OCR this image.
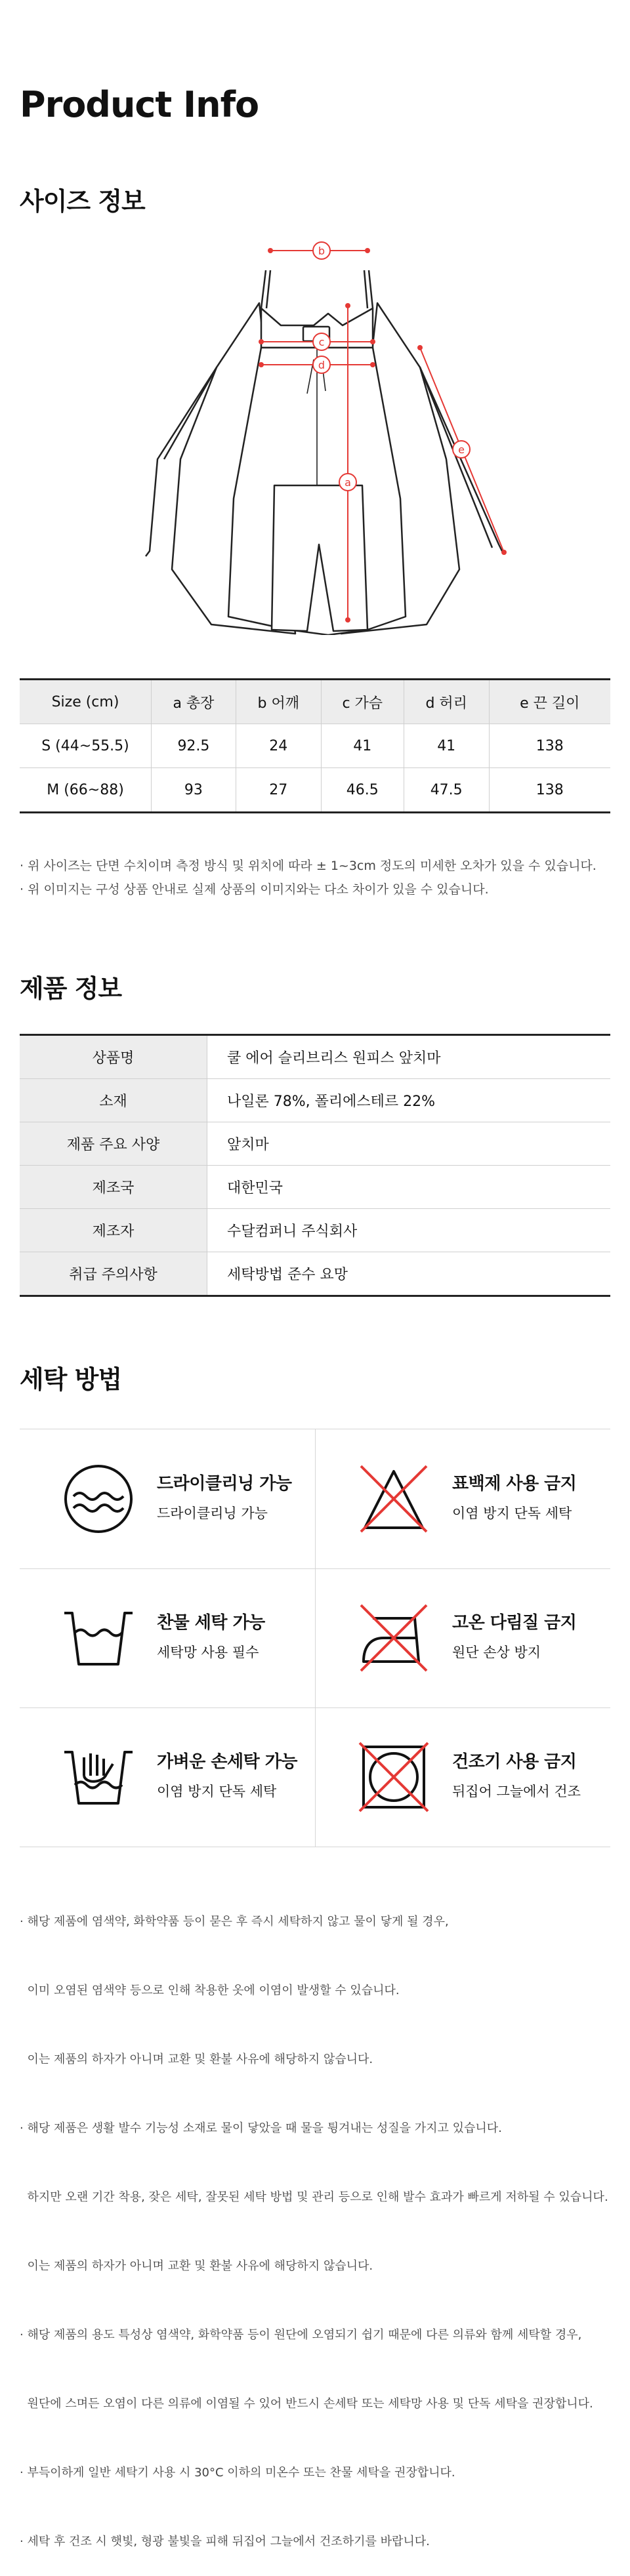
Product Info
사이즈 정보
b
c
d
a
e
Size (cm)	a 총장	b 어깨	c 가슴	d 허리	e 끈 길이
S (44~55.5)	92.5	24	41	41	138
M (66~88)	93	27	46.5	47.5	138
· 위 사이즈는 단면 수치이며 측정 방식 및 위치에 따라 ± 1~3cm 정도의 미세한 오차가 있을 수 있습니다.
· 위 이미지는 구성 상품 안내로 실제 상품의 이미지와는 다소 차이가 있을 수 있습니다.
제품 정보
상품명	쿨 에어 슬리브리스 원피스 앞치마
소재	나일론 78%, 폴리에스테르 22%
제품 주요 사양	앞치마
제조국	대한민국
제조자	수달컴퍼니 주식회사
취급 주의사항	세탁방법 준수 요망
세탁 방법
드라이클리닝 가능
드라이클리닝 가능
표백제 사용 금지
이염 방지 단독 세탁
찬물 세탁 가능
세탁망 사용 필수
고온 다림질 금지
원단 손상 방지
가벼운 손세탁 가능
이염 방지 단독 세탁
건조기 사용 금지
뒤집어 그늘에서 건조

· 해당 제품에 염색약, 화학약품 등이 묻은 후 즉시 세탁하지 않고 물이 닿게 될 경우,

이미 오염된 염색약 등으로 인해 착용한 옷에 이염이 발생할 수 있습니다.

이는 제품의 하자가 아니며 교환 및 환불 사유에 해당하지 않습니다.

· 해당 제품은 생활 발수 기능성 소재로 물이 닿았을 때 물을 튕겨내는 성질을 가지고 있습니다.

하지만 오랜 기간 착용, 잦은 세탁, 잘못된 세탁 방법 및 관리 등으로 인해 발수 효과가 빠르게 저하될 수 있습니다.

이는 제품의 하자가 아니며 교환 및 환불 사유에 해당하지 않습니다.

· 해당 제품의 용도 특성상 염색약, 화학약품 등이 원단에 오염되기 쉽기 때문에 다른 의류와 함께 세탁할 경우,

원단에 스며든 오염이 다른 의류에 이염될 수 있어 반드시 손세탁 또는 세탁망 사용 및 단독 세탁을 권장합니다.

· 부득이하게 일반 세탁기 사용 시 30°C 이하의 미온수 또는 찬물 세탁을 권장합니다.

· 세탁 후 건조 시 햇빛, 형광 불빛을 피해 뒤집어 그늘에서 건조하기를 바랍니다.
